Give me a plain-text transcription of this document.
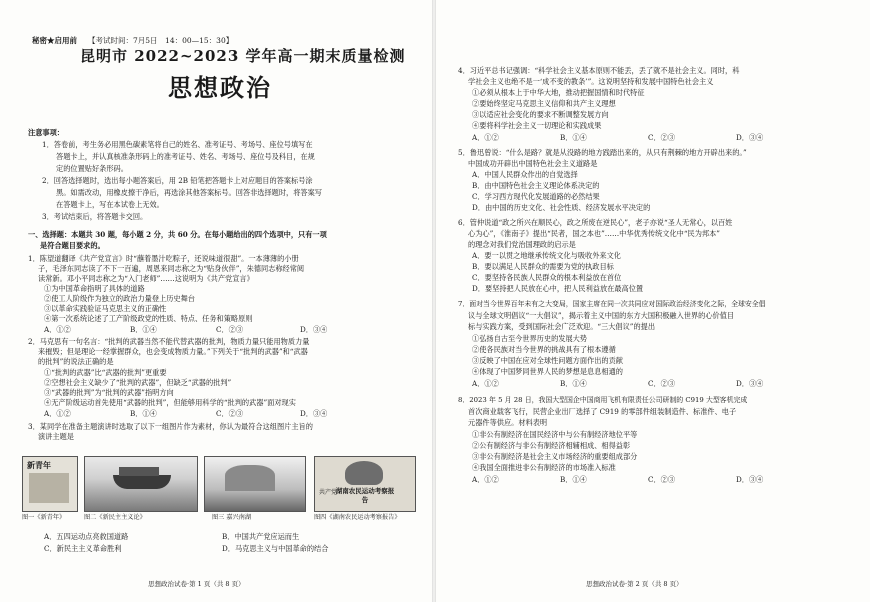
秘密★启用前 【考试时间：7月5日　14：00—15：30】
昆明市 2022~2023 学年高一期末质量检测
思想政治
注意事项：
1．答卷前，考生务必用黑色碳素笔将自己的姓名、准考证号、考场号、座位号填写在
答题卡上，并认真核准条形码上的准考证号、姓名、考场号、座位号及科目，在规
定的位置贴好条形码。
2．回答选择题时，选出每小题答案后，用 2B 铅笔把答题卡上对应题目的答案标号涂
黑。如需改动，用橡皮擦干净后，再选涂其他答案标号。回答非选择题时，将答案写
在答题卡上，写在本试卷上无效。
3．考试结束后，将答题卡交回。
一、选择题：本题共 30 题，每小题 2 分，共 60 分。在每小题给出的四个选项中，只有一项
是符合题目要求的。
1．陈望道翻译《共产党宣言》时“蘸着墨汁吃粽子，还说味道很甜”。一本薄薄的小册
子，毛泽东同志读了不下一百遍，周恩来同志称之为“贴身伙伴”，朱德同志称经常阅
读常新。邓小平同志称之为“入门老师”……这说明为《共产党宣言》
①为中国革命指明了具体的道路
②使工人阶级作为独立的政治力量登上历史舞台
③以革命实践验证马克思主义的正确性
④第一次系统论述了工产阶级政党的性质、特点、任务和策略原则
A．①②	B．①④	C．②③	D．③④
2．马克思有一句名言：“批判的武器当然不能代替武器的批判，物质力量只能用物质力量
来摧毁；但是理论一经掌握群众，也会变成物质力量。”下列关于“批判的武器”和“武器
的批判”的说法正确的是
①“批判的武器”比“武器的批判”更重要
②空想社会主义缺少了“批判的武器”，但缺乏“武器的批判”
③“武器的批判”为“批判的武器”指明方向
④无产阶级运动首先使用“武器的批判”，但能够用科学的“批判的武器”面对现实
A．①②	B．①④	C．②③	D．③④
3．某同学在准备主题演讲时选取了以下一组图片作为素材，你认为最符合这组图片主旨的
演讲主题是
新青年
湖南农民运动考察报告
共产党
图一《新青年》	图二《新民主主义论》	图三 嘉兴南湖	图四《湖南农民运动考察报告》
A．五四运动点亮救国道路	B．中国共产党应运而生
C．新民主主义革命胜利	D．马克思主义与中国革命的结合
思想政治试卷·第 1 页（共 8 页）
4．习近平总书记强调：“科学社会主义基本原则不能丢，丢了就不是社会主义。同时，科
学社会主义也绝不是一‘成不变的教条’”。这说明坚持和发展中国特色社会主义
①必须从根本上于中华大地，推动把握国情和时代特征
②要始终坚定马克思主义信仰和共产主义理想
③以适应社会变化的要求不断调整发展方向
④要将科学社会主义一切理论和实践成果
A．①②	B．①④	C．②③	D．③④
5．鲁迅曾说：“什么是路？就是从没路的地方践踏出来的，从只有荆棘的地方开辟出来的。”
中国成功开辟出中国特色社会主义道路是
A．中国人民群众作出的自觉选择
B．由中国特色社会主义理论体系决定的
C．学习西方现代化发展道路的必然结果
D．由中国的历史文化、社会性质、经济发展水平决定的
6．管仲说道“政之所兴在顺民心，政之所废在逆民心”，老子亦说“圣人无常心，以百姓
心为心”，《淮南子》提出“民者，国之本也”……中华优秀传统文化中“民为邦本”
的理念对我们党治国理政的启示是
A．要一以贯之地继承传统文化与吸收外来文化
B．要以满足人民群众的需要为党的执政目标
C．要坚持各民族人民群众的根本利益放在首位
D．要坚持把人民放在心中，把人民利益放在最高位置
7．面对当今世界百年未有之大变局，国家主席在同一次共同应对国际政治经济变化之际，全球安全倡
议与全球文明倡议“一大倡议”，揭示着主义中国的东方大国积极融入世界的心价值目
标与实践方案，受到国际社会广泛欢迎。“三大倡议”的提出
①弘扬自古至今世界历史的发展大势
②使各民族对当今世界的挑战具有了根本遵循
③反映了中国在应对全球性问题方面作出的贡献
④体现了中国梦同世界人民的梦想是息息相通的
A．①②	B．①④	C．②③	D．③④
8．2023 年 5 月 28 日，我国大型国企中国商用飞机有限责任公司研制的 C919 大型客机完成
首次商业载客飞行，民营企业出厂选择了 C919 的零部件组装制造件、标准件、电子
元器件等供应。材料表明
①非公有制经济在国民经济中与公有制经济地位平等
②公有制经济与非公有制经济相辅相成、相得益彰
③非公有制经济是社会主义市场经济的重要组成部分
④我国全面推进非公有制经济的市场准入标准
A．①②	B．①④	C．②③	D．③④
思想政治试卷·第 2 页（共 8 页）
